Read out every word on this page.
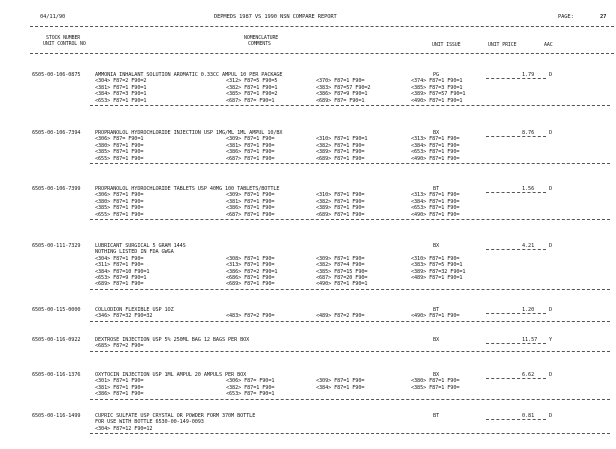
04/11/90	DEPMEDS 1987 VS 1990 NSN COMPARE REPORT	PAGE:	27
STOCK NUMBER
UNIT CONTROL NO
NOMENCLATURE
COMMENTS	UNIT ISSUE	UNIT PRICE	AAC
6505-00-106-0875	AMMONIA INHALANT SOLUTION AROMATIC 0.33CC AMPUL 10 PER PACKAGE	PG	1.79	D
<304> F87=2 F90=2	<312> F87=5 F90=5	<370> F87=1 F90=	<374> F87=1 F90=1
<381> F87=1 F90=1	<382> F87=1 F90=1	<383> F87=57 F90=2	<385> F87=3 F90=1
<384> F87=3 F90=1	<385> F87=1 F90=2	<386> F87=9 F90=1	<389> F87=57 F90=1
<653> F87=1 F90=1	<687> F87= F90=1	<689> F87= F90=1	<490> F87=1 F90=1
6505-00-106-7394	PROPRANOLOL HYDROCHLORIDE INJECTION USP 1MG/ML 1ML AMPUL 10/BX	BX	8.76	D
<306> F87= F90=1	<309> F87=1 F90=	<310> F87=1 F90=1	<313> F87=1 F90=
<380> F87=1 F90=	<381> F87=1 F90=	<382> F87=1 F90=	<384> F87=1 F90=
<385> F87=1 F90=	<386> F87=1 F90=	<389> F87=1 F90=	<653> F87=1 F90=
<655> F87=1 F90=	<687> F87=1 F90=	<689> F87=1 F90=	<490> F87=1 F90=
6505-00-106-7399	PROPRANOLOL HYDROCHLORIDE TABLETS USP 40MG 100 TABLETS/BOTTLE	BT	1.56	D
<306> F87=1 F90=	<309> F87=1 F90=	<310> F87=1 F90=	<313> F87=1 F90=
<380> F87=1 F90=	<381> F87=1 F90=	<382> F87=1 F90=	<384> F87=1 F90=
<385> F87=1 F90=	<386> F87=1 F90=	<389> F87=1 F90=	<653> F87=1 F90=
<655> F87=1 F90=	<687> F87=1 F90=	<689> F87=1 F90=	<490> F87=1 F90=
6505-00-111-7329	LUBRICANT SURGICAL 5 GRAM 144S	BX	4.21	D
NOTHING LISTED IN FDA GWGA
<304> F87=1 F90=	<308> F87=1 F90=	<309> F87=1 F90=	<310> F87=1 F90=
<311> F87=1 F90=	<313> F87=1 F90=	<382> F87=4 F90=	<383> F87=5 F90=1
<384> F87=10 F90=1	<386> F87=2 F90=1	<385> F87=15 F90=	<389> F87=32 F90=1
<653> F87=9 F90=1	<686> F87=1 F90=	<687> F87=20 F90=	<489> F87=1 F90=1
<689> F87=1 F90=	<689> F87=1 F90=	<490> F87=1 F90=1
6505-00-115-0000	COLLODION FLEXIBLE USP 1OZ	BT	1.20	D
<346> F87=32 F90=32	<483> F87=2 F90=	<489> F87=2 F90=	<490> F87=1 F90=
6505-00-116-0922	DEXTROSE INJECTION USP 5% 250ML BAG 12 BAGS PER BOX	BX	11.57 Y
<685> F87=2 F90=
6505-00-116-1376	OXYTOCIN INJECTION USP 1ML AMPUL 20 AMPULS PER BOX	BX	6.62	D
<301> F87=1 F90=	<306> F87= F90=1	<309> F87=1 F90=	<380> F87=1 F90=
<381> F87=1 F90=	<382> F87=1 F90=	<384> F87=1 F90=	<385> F87=1 F90=
<386> F87=1 F90=	<653> F87= F90=1
6505-00-116-1499	CUPRIC SULFATE USP CRYSTAL OR POWDER FORM 370M BOTTLE	BT	0.81	D
FOR USE WITH BOTTLE 6530-00-149-0093
<304> F87=12 F90=12
